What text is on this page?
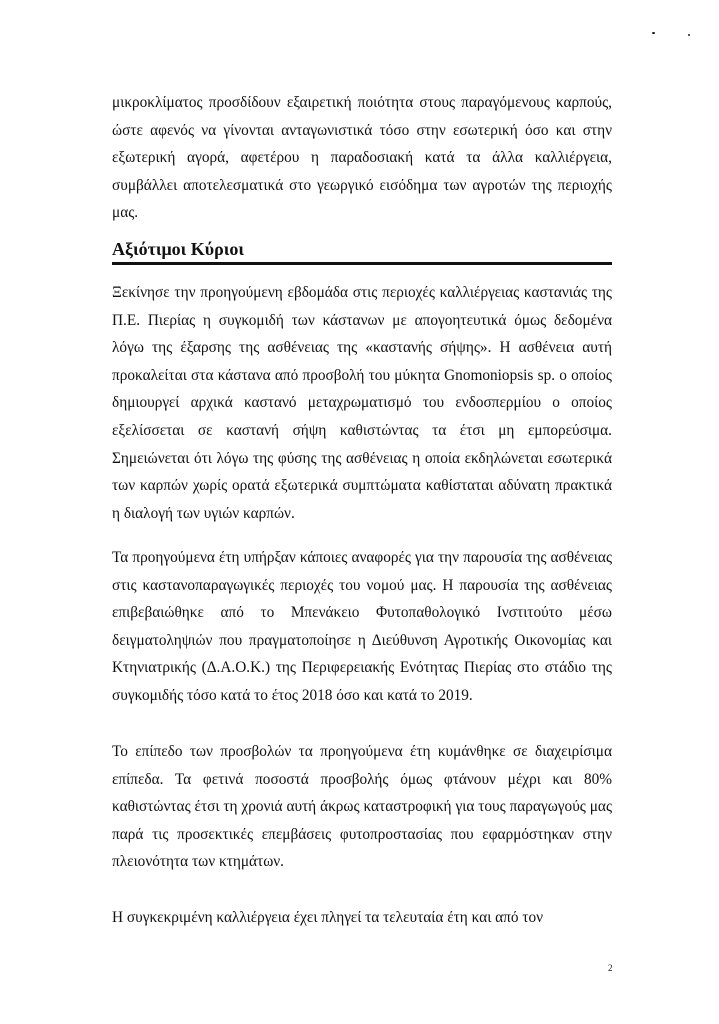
μικροκλίματος προσδίδουν εξαιρετική ποιότητα στους παραγόμενους καρπούς, ώστε αφενός να γίνονται ανταγωνιστικά τόσο στην εσωτερική όσο και στην εξωτερική αγορά, αφετέρου η παραδοσιακή κατά τα άλλα καλλιέργεια, συμβάλλει αποτελεσματικά στο γεωργικό εισόδημα των αγροτών της περιοχής μας.

Αξιότιμοι Κύριοι

Ξεκίνησε την προηγούμενη εβδομάδα στις περιοχές καλλιέργειας καστανιάς της Π.Ε. Πιερίας η συγκομιδή των κάστανων με απογοητευτικά όμως δεδομένα λόγω της έξαρσης της ασθένειας της «καστανής σήψης». Η ασθένεια αυτή προκαλείται στα κάστανα από προσβολή του μύκητα Gnomoniopsis sp. ο οποίος δημιουργεί αρχικά καστανό μεταχρωματισμό του ενδοσπερμίου ο οποίος εξελίσσεται σε καστανή σήψη καθιστώντας τα έτσι μη εμπορεύσιμα. Σημειώνεται ότι λόγω της φύσης της ασθένειας η οποία εκδηλώνεται εσωτερικά των καρπών χωρίς ορατά εξωτερικά συμπτώματα καθίσταται αδύνατη πρακτικά η διαλογή των υγιών καρπών.

Τα προηγούμενα έτη υπήρξαν κάποιες αναφορές για την παρουσία της ασθένειας στις καστανοπαραγωγικές περιοχές του νομού μας. Η παρουσία της ασθένειας επιβεβαιώθηκε από το Μπενάκειο Φυτοπαθολογικό Ινστιτούτο μέσω δειγματοληψιών που πραγματοποίησε η Διεύθυνση Αγροτικής Οικονομίας και Κτηνιατρικής (Δ.Α.Ο.Κ.) της Περιφερειακής Ενότητας Πιερίας στο στάδιο της συγκομιδής τόσο κατά το έτος 2018 όσο και κατά το 2019.

Το επίπεδο των προσβολών τα προηγούμενα έτη κυμάνθηκε σε διαχειρίσιμα επίπεδα. Τα φετινά ποσοστά προσβολής όμως φτάνουν μέχρι και 80% καθιστώντας έτσι τη χρονιά αυτή άκρως καταστροφική για τους παραγωγούς μας παρά τις προσεκτικές επεμβάσεις φυτοπροστασίας που εφαρμόστηκαν στην πλειονότητα των κτημάτων.

Η συγκεκριμένη καλλιέργεια έχει πληγεί τα τελευταία έτη και από τον

2
